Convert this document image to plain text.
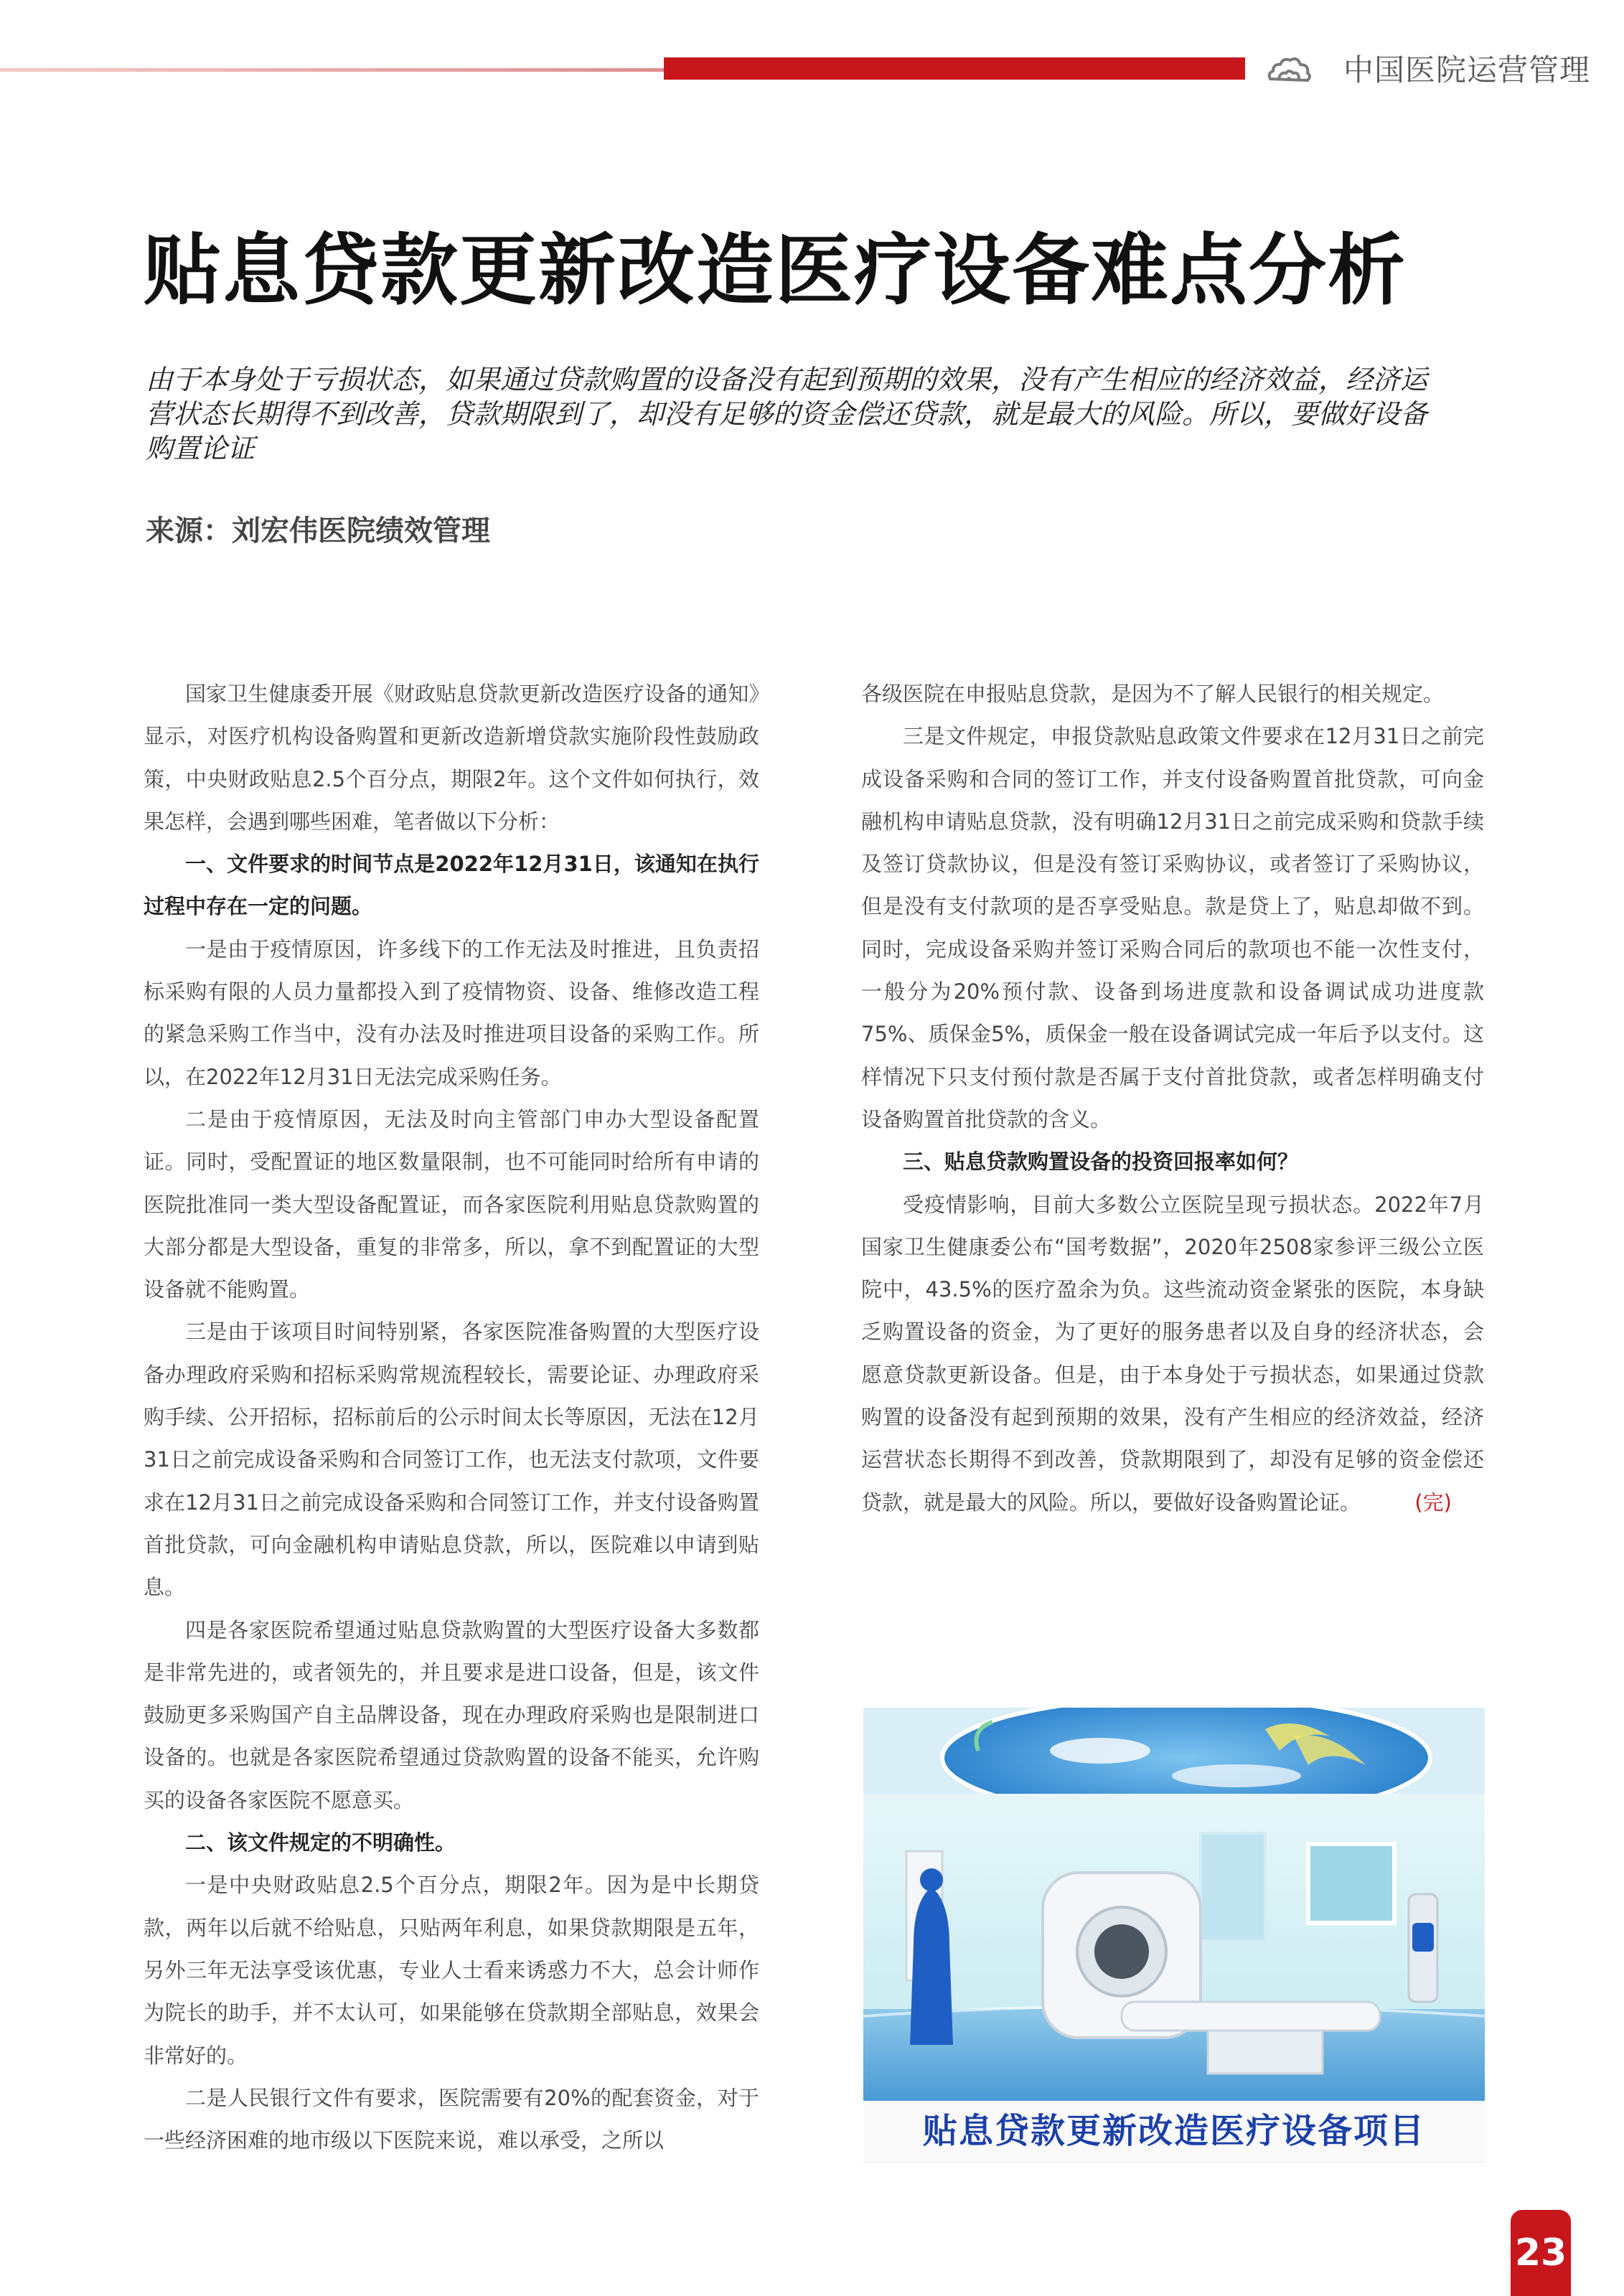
中国医院运营管理
贴息贷款更新改造医疗设备难点分析

由于本身处于亏损状态，如果通过贷款购置的设备没有起到预期的效果，没有产生相应的经济效益，经济运营状态长期得不到改善，贷款期限到了，却没有足够的资金偿还贷款，就是最大的风险。所以，要做好设备购置论证

来源：刘宏伟医院绩效管理

国家卫生健康委开展《财政贴息贷款更新改造医疗设备的通知》显示，对医疗机构设备购置和更新改造新增贷款实施阶段性鼓励政策，中央财政贴息2.5个百分点，期限2年。这个文件如何执行，效果怎样，会遇到哪些困难，笔者做以下分析：

一、文件要求的时间节点是2022年12月31日，该通知在执行过程中存在一定的问题。

一是由于疫情原因，许多线下的工作无法及时推进，且负责招标采购有限的人员力量都投入到了疫情物资、设备、维修改造工程的紧急采购工作当中，没有办法及时推进项目设备的采购工作。所以，在2022年12月31日无法完成采购任务。

二是由于疫情原因，无法及时向主管部门申办大型设备配置证。同时，受配置证的地区数量限制，也不可能同时给所有申请的医院批准同一类大型设备配置证，而各家医院利用贴息贷款购置的大部分都是大型设备，重复的非常多，所以，拿不到配置证的大型设备就不能购置。

三是由于该项目时间特别紧，各家医院准备购置的大型医疗设备办理政府采购和招标采购常规流程较长，需要论证、办理政府采购手续、公开招标，招标前后的公示时间太长等原因，无法在12月31日之前完成设备采购和合同签订工作，也无法支付款项，文件要求在12月31日之前完成设备采购和合同签订工作，并支付设备购置首批贷款，可向金融机构申请贴息贷款，所以，医院难以申请到贴息。

四是各家医院希望通过贴息贷款购置的大型医疗设备大多数都是非常先进的，或者领先的，并且要求是进口设备，但是，该文件鼓励更多采购国产自主品牌设备，现在办理政府采购也是限制进口设备的。也就是各家医院希望通过贷款购置的设备不能买，允许购买的设备各家医院不愿意买。

二、该文件规定的不明确性。

一是中央财政贴息2.5个百分点，期限2年。因为是中长期贷款，两年以后就不给贴息，只贴两年利息，如果贷款期限是五年，另外三年无法享受该优惠，专业人士看来诱惑力不大，总会计师作为院长的助手，并不太认可，如果能够在贷款期全部贴息，效果会非常好的。

二是人民银行文件有要求，医院需要有20%的配套资金，对于一些经济困难的地市级以下医院来说，难以承受，之所以

各级医院在申报贴息贷款，是因为不了解人民银行的相关规定。

三是文件规定，申报贷款贴息政策文件要求在12月31日之前完成设备采购和合同的签订工作，并支付设备购置首批贷款，可向金融机构申请贴息贷款，没有明确12月31日之前完成采购和贷款手续及签订贷款协议，但是没有签订采购协议，或者签订了采购协议，但是没有支付款项的是否享受贴息。款是贷上了，贴息却做不到。同时，完成设备采购并签订采购合同后的款项也不能一次性支付，一般分为20%预付款、设备到场进度款和设备调试成功进度款75%、质保金5%，质保金一般在设备调试完成一年后予以支付。这样情况下只支付预付款是否属于支付首批贷款，或者怎样明确支付设备购置首批贷款的含义。

三、贴息贷款购置设备的投资回报率如何？

受疫情影响，目前大多数公立医院呈现亏损状态。2022年7月国家卫生健康委公布“国考数据”，2020年2508家参评三级公立医院中，43.5%的医疗盈余为负。这些流动资金紧张的医院，本身缺乏购置设备的资金，为了更好的服务患者以及自身的经济状态，会愿意贷款更新设备。但是，由于本身处于亏损状态，如果通过贷款购置的设备没有起到预期的效果，没有产生相应的经济效益，经济运营状态长期得不到改善，贷款期限到了，却没有足够的资金偿还贷款，就是最大的风险。所以，要做好设备购置论证。	(完)

贴息贷款更新改造医疗设备项目
23
